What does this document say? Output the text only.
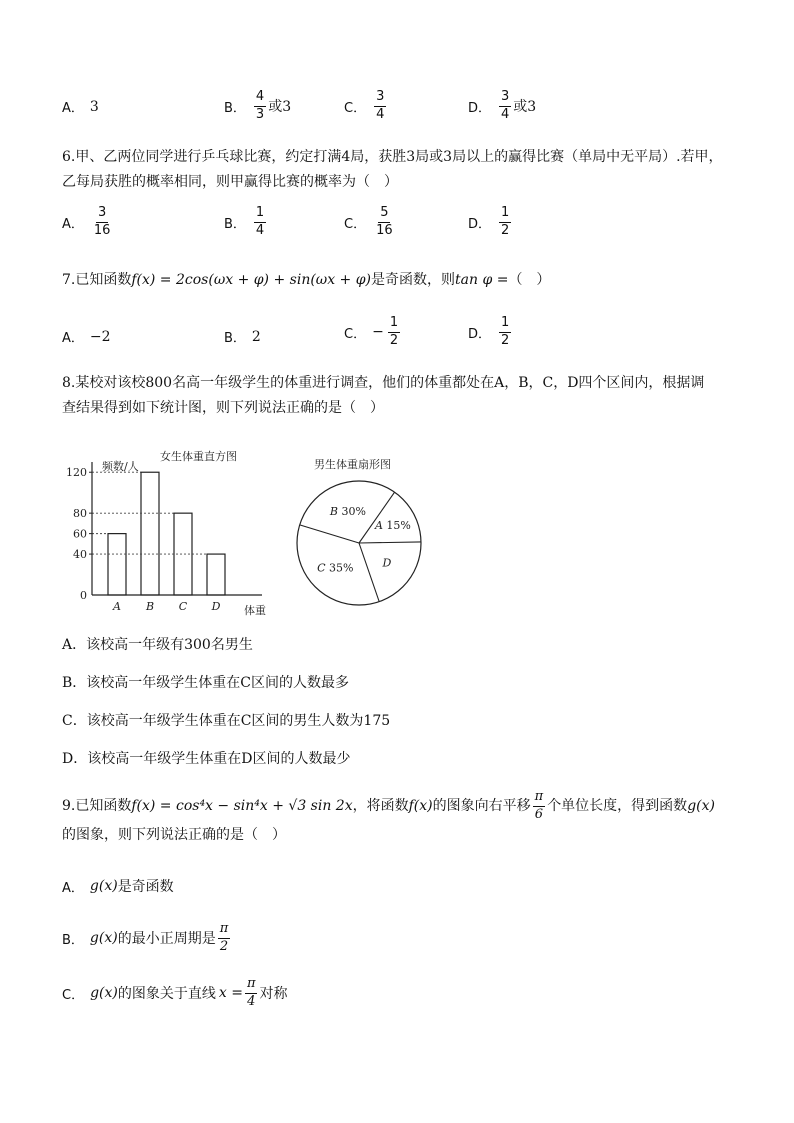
A． 3	B． $\frac{4}{3}$ 或3	C． $\frac{3}{4}$	D． $\frac{3}{4}$ 或3
6.甲、乙两位同学进行乒乓球比赛，约定打满4局，获胜3局或3局以上的赢得比赛（单局中无平局）.若甲，
乙每局获胜的概率相同，则甲赢得比赛的概率为（　）
A． $\frac{3}{16}$	B． $\frac{1}{4}$	C． $\frac{5}{16}$	D． $\frac{1}{2}$
7.已知函数f(x) = 2cos(ωx + φ) + sin(ωx + φ)是奇函数，则tan φ =（　）
A． −2	B． 2	C． − $\frac{1}{2}$	D． $\frac{1}{2}$
8.某校对该校800名高一年级学生的体重进行调查，他们的体重都处在A，B，C，D四个区间内，根据调
查结果得到如下统计图，则下列说法正确的是（　）
女生体重直方图
频数/人
0
40
60
80
120
A B C D 体重
男生体重扇形图
A 15%
D
C 35%
B 30%
A．该校高一年级有300名男生
B．该校高一年级学生体重在C区间的人数最多
C．该校高一年级学生体重在C区间的男生人数为175
D．该校高一年级学生体重在D区间的人数最少
9.已知函数 f(x) = cos⁴x − sin⁴x + √3 sin 2x ，将函数 f(x) 的图象向右平移 $\frac{\pi}{6}$ 个单位长度，得到函数 g(x)
的图象，则下列说法正确的是（　）
A． g(x) 是奇函数
B． g(x) 的最小正周期是 $\frac{\pi}{2}$
C． g(x) 的图象关于直线 $x = \frac{\pi}{4}$ 对称
